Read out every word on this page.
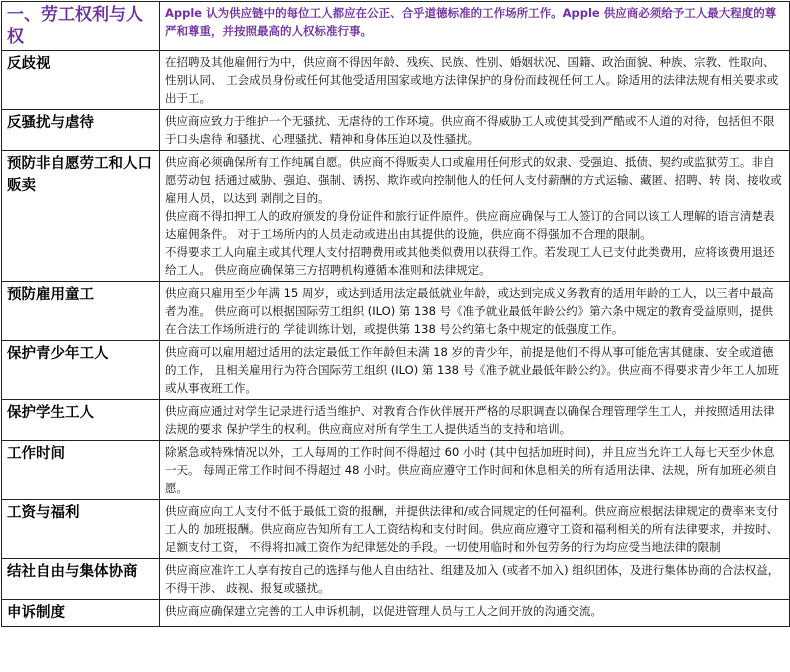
一、劳工权利与人权	Apple 认为供应链中的每位工人都应在公正、合乎道德标准的工作场所工作。Apple 供应商必须给予工人最大程度的尊严和尊重，并按照最高的人权标准行事。
反歧视	在招聘及其他雇佣行为中，供应商不得因年龄、残疾、民族、性别、婚姻状况、国籍、政治面貌、种族、宗教、性取向、性别认同、 工会成员身份或任何其他受适用国家或地方法律保护的身份而歧视任何工人。除适用的法律法规有相关要求或出于工。

反骚扰与虐待	供应商应致力于维护一个无骚扰、无虐待的工作环境。供应商不得威胁工人或使其受到严酷或不人道的对待，包括但不限于口头虐待 和骚扰、心理骚扰、精神和身体压迫以及性骚扰。

预防非自愿劳工和人口贩卖	供应商必须确保所有工作纯属自愿。供应商不得贩卖人口或雇用任何形式的奴隶、受强迫、抵债、契约或监狱劳工。非自愿劳动包 括通过威胁、强迫、强制、诱拐、欺诈或向控制他人的任何人支付薪酬的方式运输、藏匿、招聘、转 岗、接收或雇用人员，以达到 剥削之目的。
供应商不得扣押工人的政府颁发的身份证件和旅行证件原件。供应商应确保与工人签订的合同以该工人理解的语言清楚表达雇佣条件。 对于工场所内的人员走动或进出由其提供的设施，供应商不得强加不合理的限制。
不得要求工人向雇主或其代理人支付招聘费用或其他类似费用以获得工作。若发现工人已支付此类费用，应将该费用退还给工人。 供应商应确保第三方招聘机构遵循本准则和法律规定。

预防雇用童工	供应商只雇用至少年满 15 周岁，或达到适用法定最低就业年龄，或达到完成义务教育的适用年龄的工人，以三者中最高者为准。 供应商可以根据国际劳工组织 (ILO) 第 138 号《准予就业最低年龄公约》第六条中规定的教育受益原则，提供在合法工作场所进行的 学徒训练计划，或提供第 138 号公约第七条中规定的低强度工作。

保护青少年工人	供应商可以雇用超过适用的法定最低工作年龄但未满 18 岁的青少年，前提是他们不得从事可能危害其健康、安全或道德的工作， 且相关雇用行为符合国际劳工组织 (ILO) 第 138 号《准予就业最低年龄公约》。供应商不得要求青少年工人加班或从事夜班工作。

保护学生工人	供应商应通过对学生记录进行适当维护、对教育合作伙伴展开严格的尽职调查以确保合理管理学生工人，并按照适用法律法规的要求 保护学生的权利。供应商应对所有学生工人提供适当的支持和培训。

工作时间	除紧急或特殊情况以外，工人每周的工作时间不得超过 60 小时 (其中包括加班时间)，并且应当允许工人每七天至少休息一天。 每周正常工作时间不得超过 48 小时。供应商应遵守工作时间和休息相关的所有适用法律、法规，所有加班必须自愿。

工资与福利	供应商应向工人支付不低于最低工资的报酬，并提供法律和/或合同规定的任何福利。供应商应根据法律规定的费率来支付工人的 加班报酬。供应商应告知所有工人工资结构和支付时间。供应商应遵守工资和福利相关的所有法律要求，并按时、足额支付工资， 不得将扣减工资作为纪律惩处的手段。一切使用临时和外包劳务的行为均应受当地法律的限制

结社自由与集体协商	供应商应准许工人享有按自己的选择与他人自由结社、组建及加入 (或者不加入) 组织团体，及进行集体协商的合法权益，不得干涉、 歧视、报复或骚扰。

申诉制度	供应商应确保建立完善的工人申诉机制，以促进管理人员与工人之间开放的沟通交流。
